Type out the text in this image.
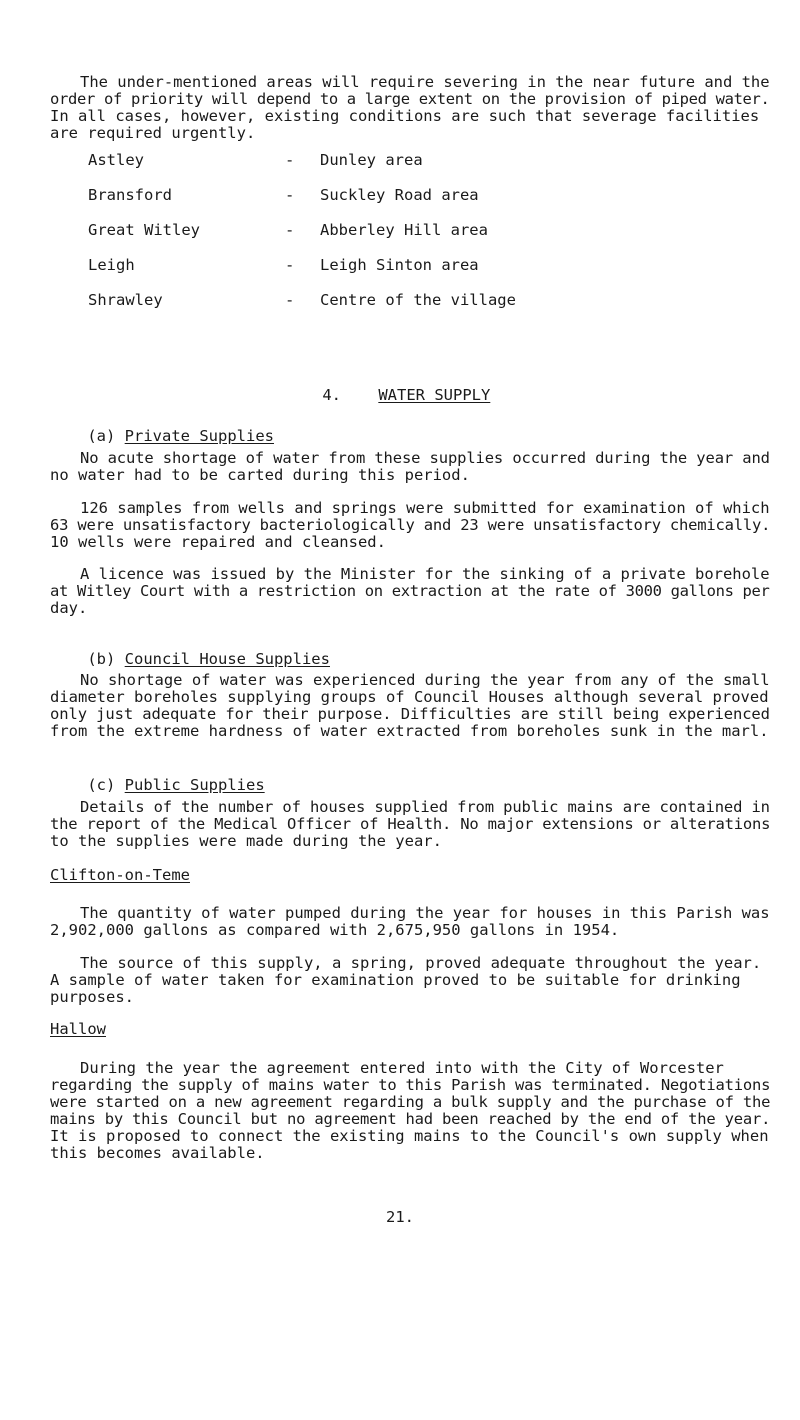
The under-mentioned areas will require severing in the near future and the
order of priority will depend to a large extent on the provision of piped water.
In all cases, however, existing conditions are such that severage facilities
are required urgently.
Astley	- Dunley area
Bransford	- Suckley Road area
Great Witley	- Abberley Hill area
Leigh	- Leigh Sinton area
Shrawley	- Centre of the village

4. WATER SUPPLY

(a) Private Supplies

No acute shortage of water from these supplies occurred during the year and
no water had to be carted during this period.
126 samples from wells and springs were submitted for examination of which
63 were unsatisfactory bacteriologically and 23 were unsatisfactory chemically.
10 wells were repaired and cleansed.
A licence was issued by the Minister for the sinking of a private borehole
at Witley Court with a restriction on extraction at the rate of 3000 gallons per
day.

(b) Council House Supplies

No shortage of water was experienced during the year from any of the small
diameter boreholes supplying groups of Council Houses although several proved
only just adequate for their purpose. Difficulties are still being experienced
from the extreme hardness of water extracted from boreholes sunk in the marl.

(c) Public Supplies

Details of the number of houses supplied from public mains are contained in
the report of the Medical Officer of Health. No major extensions or alterations
to the supplies were made during the year.
Clifton-on-Teme
The quantity of water pumped during the year for houses in this Parish was
2,902,000 gallons as compared with 2,675,950 gallons in 1954.
The source of this supply, a spring, proved adequate throughout the year.
A sample of water taken for examination proved to be suitable for drinking
purposes.
Hallow
During the year the agreement entered into with the City of Worcester
regarding the supply of mains water to this Parish was terminated. Negotiations
were started on a new agreement regarding a bulk supply and the purchase of the
mains by this Council but no agreement had been reached by the end of the year.
It is proposed to connect the existing mains to the Council's own supply when
this becomes available.
21.
